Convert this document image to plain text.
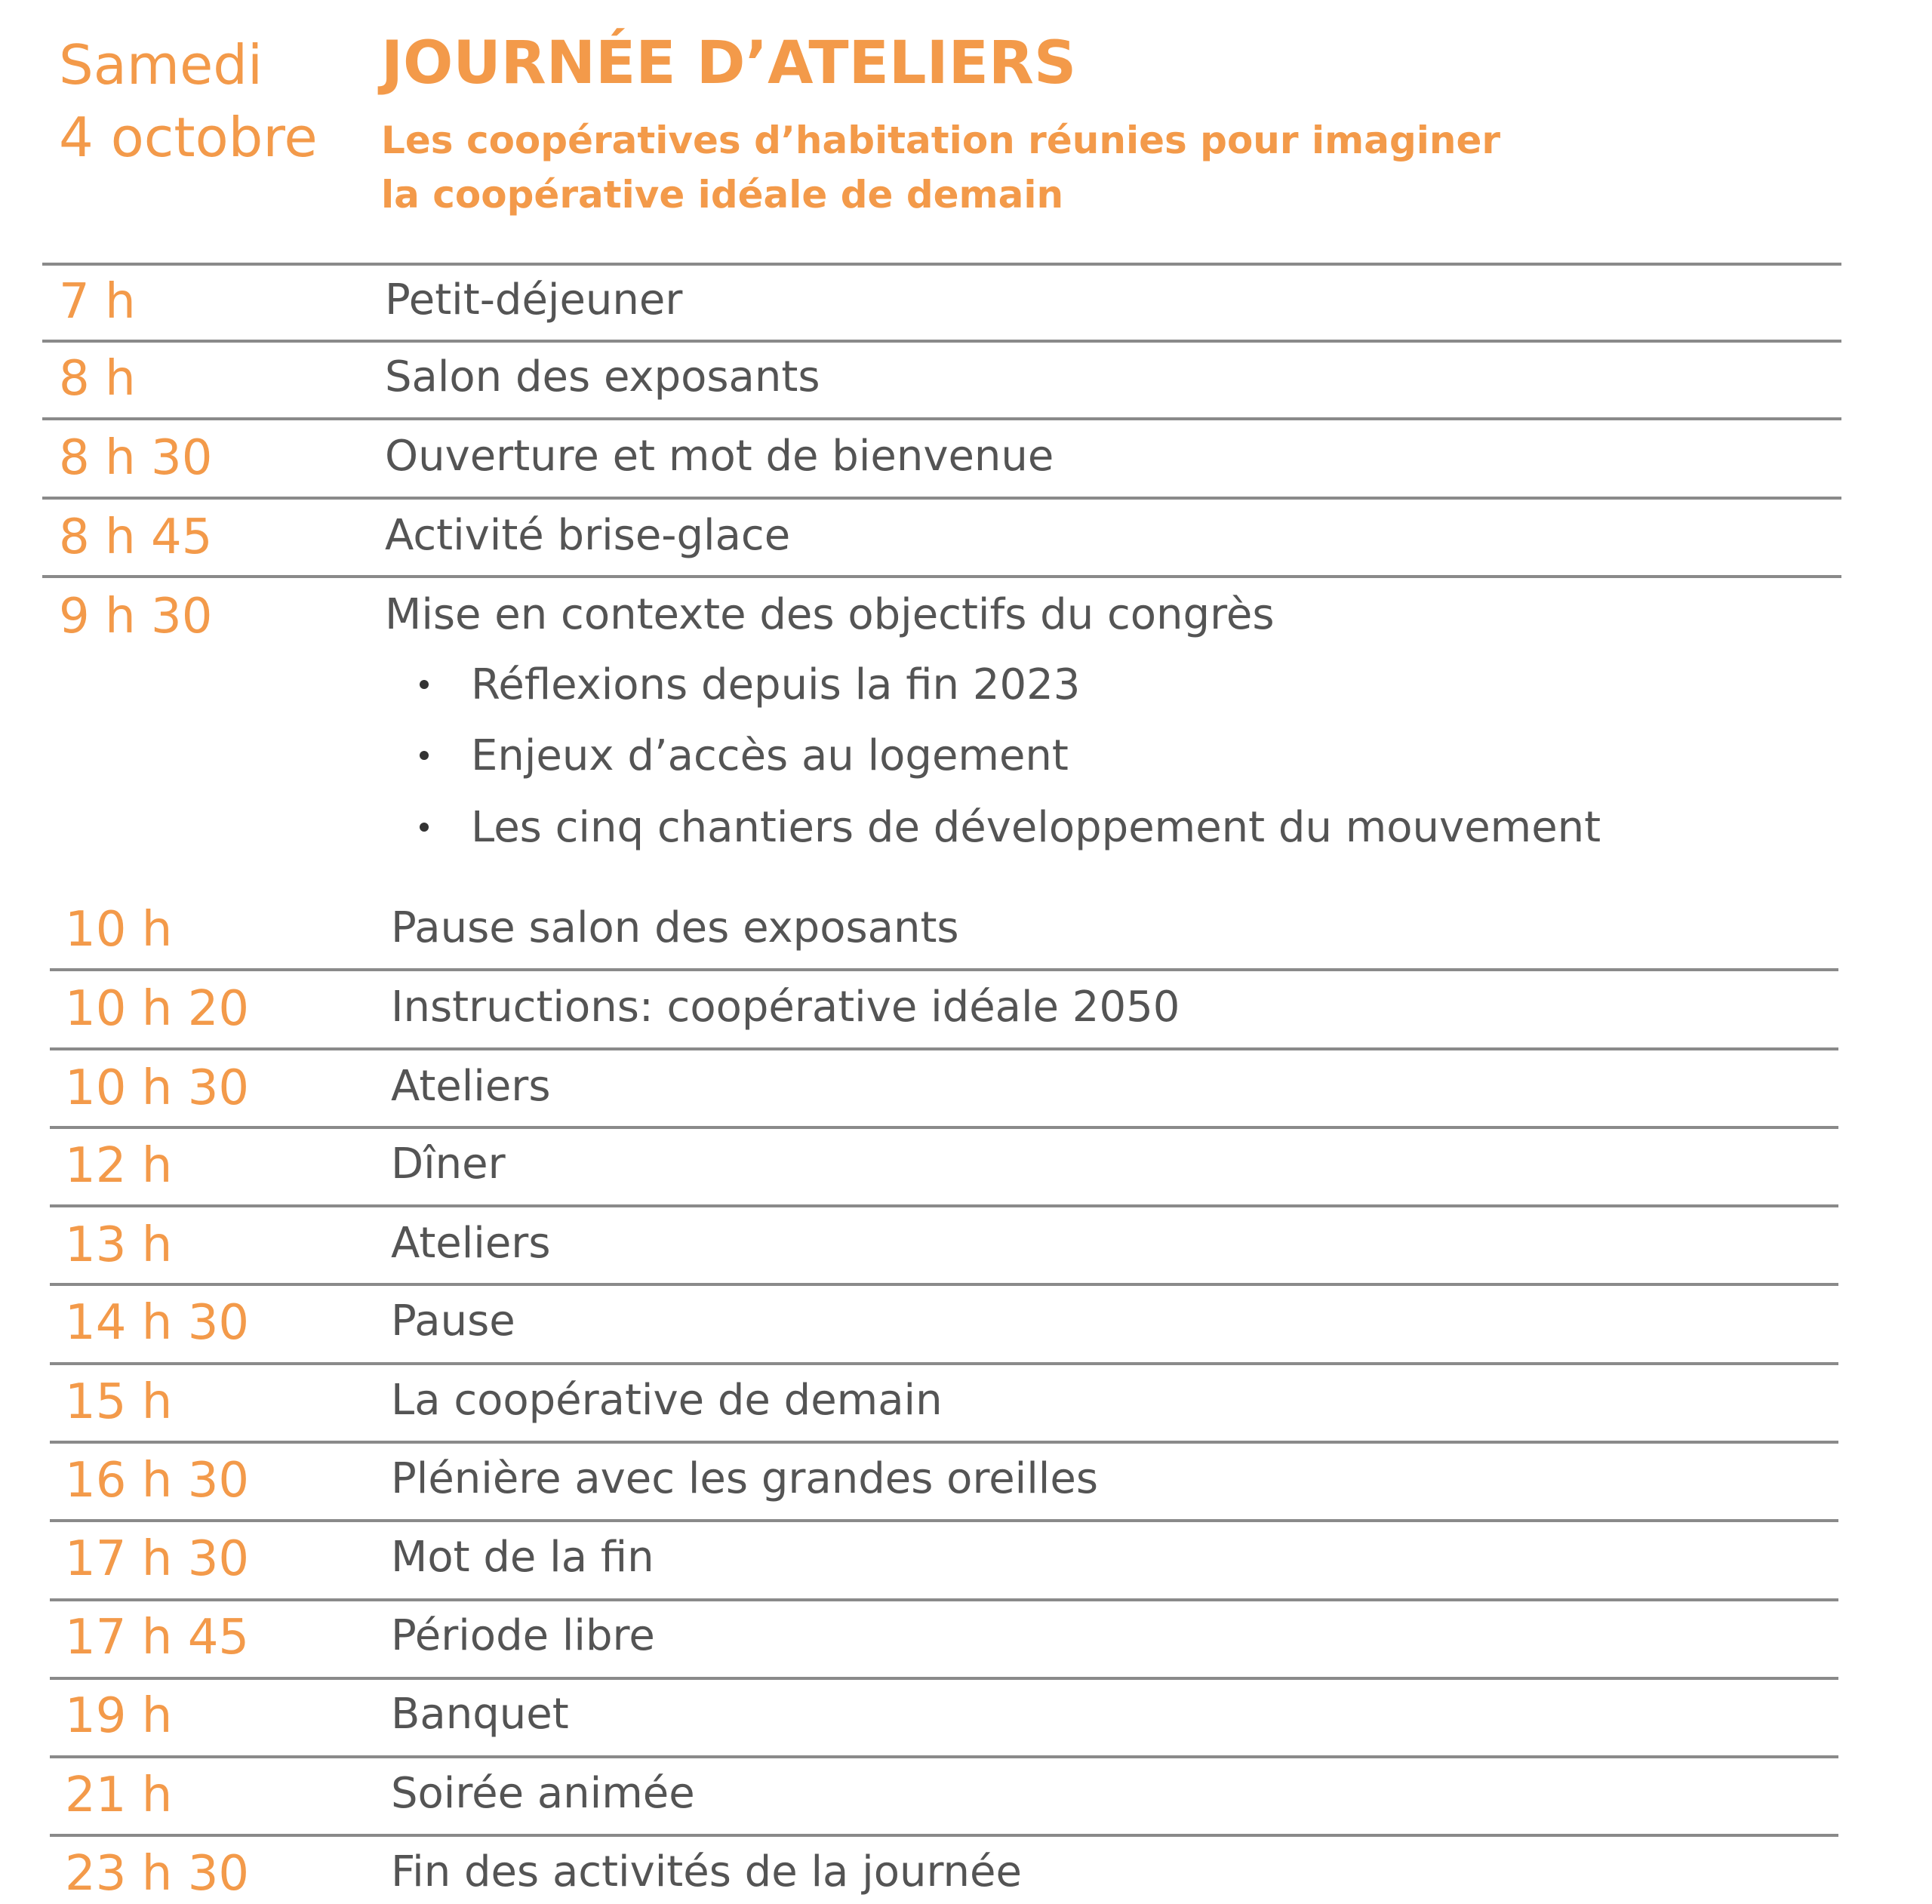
Samedi
4 octobre
JOURNÉE D’ATELIERS
Les coopératives d’habitation réunies pour imaginer
la coopérative idéale de demain
7 h	Petit-déjeuner
8 h	Salon des exposants
8 h 30	Ouverture et mot de bienvenue
8 h 45	Activité brise-glace
9 h 30	Mise en contexte des objectifs du congrès
Réflexions depuis la fin 2023
Enjeux d’accès au logement
Les cinq chantiers de développement du mouvement
10 h	Pause salon des exposants
10 h 20	Instructions: coopérative idéale 2050
10 h 30	Ateliers
12 h	Dîner
13 h	Ateliers
14 h 30	Pause
15 h	La coopérative de demain
16 h 30	Plénière avec les grandes oreilles
17 h 30	Mot de la fin
17 h 45	Période libre
19 h	Banquet
21 h	Soirée animée
23 h 30	Fin des activités de la journée
